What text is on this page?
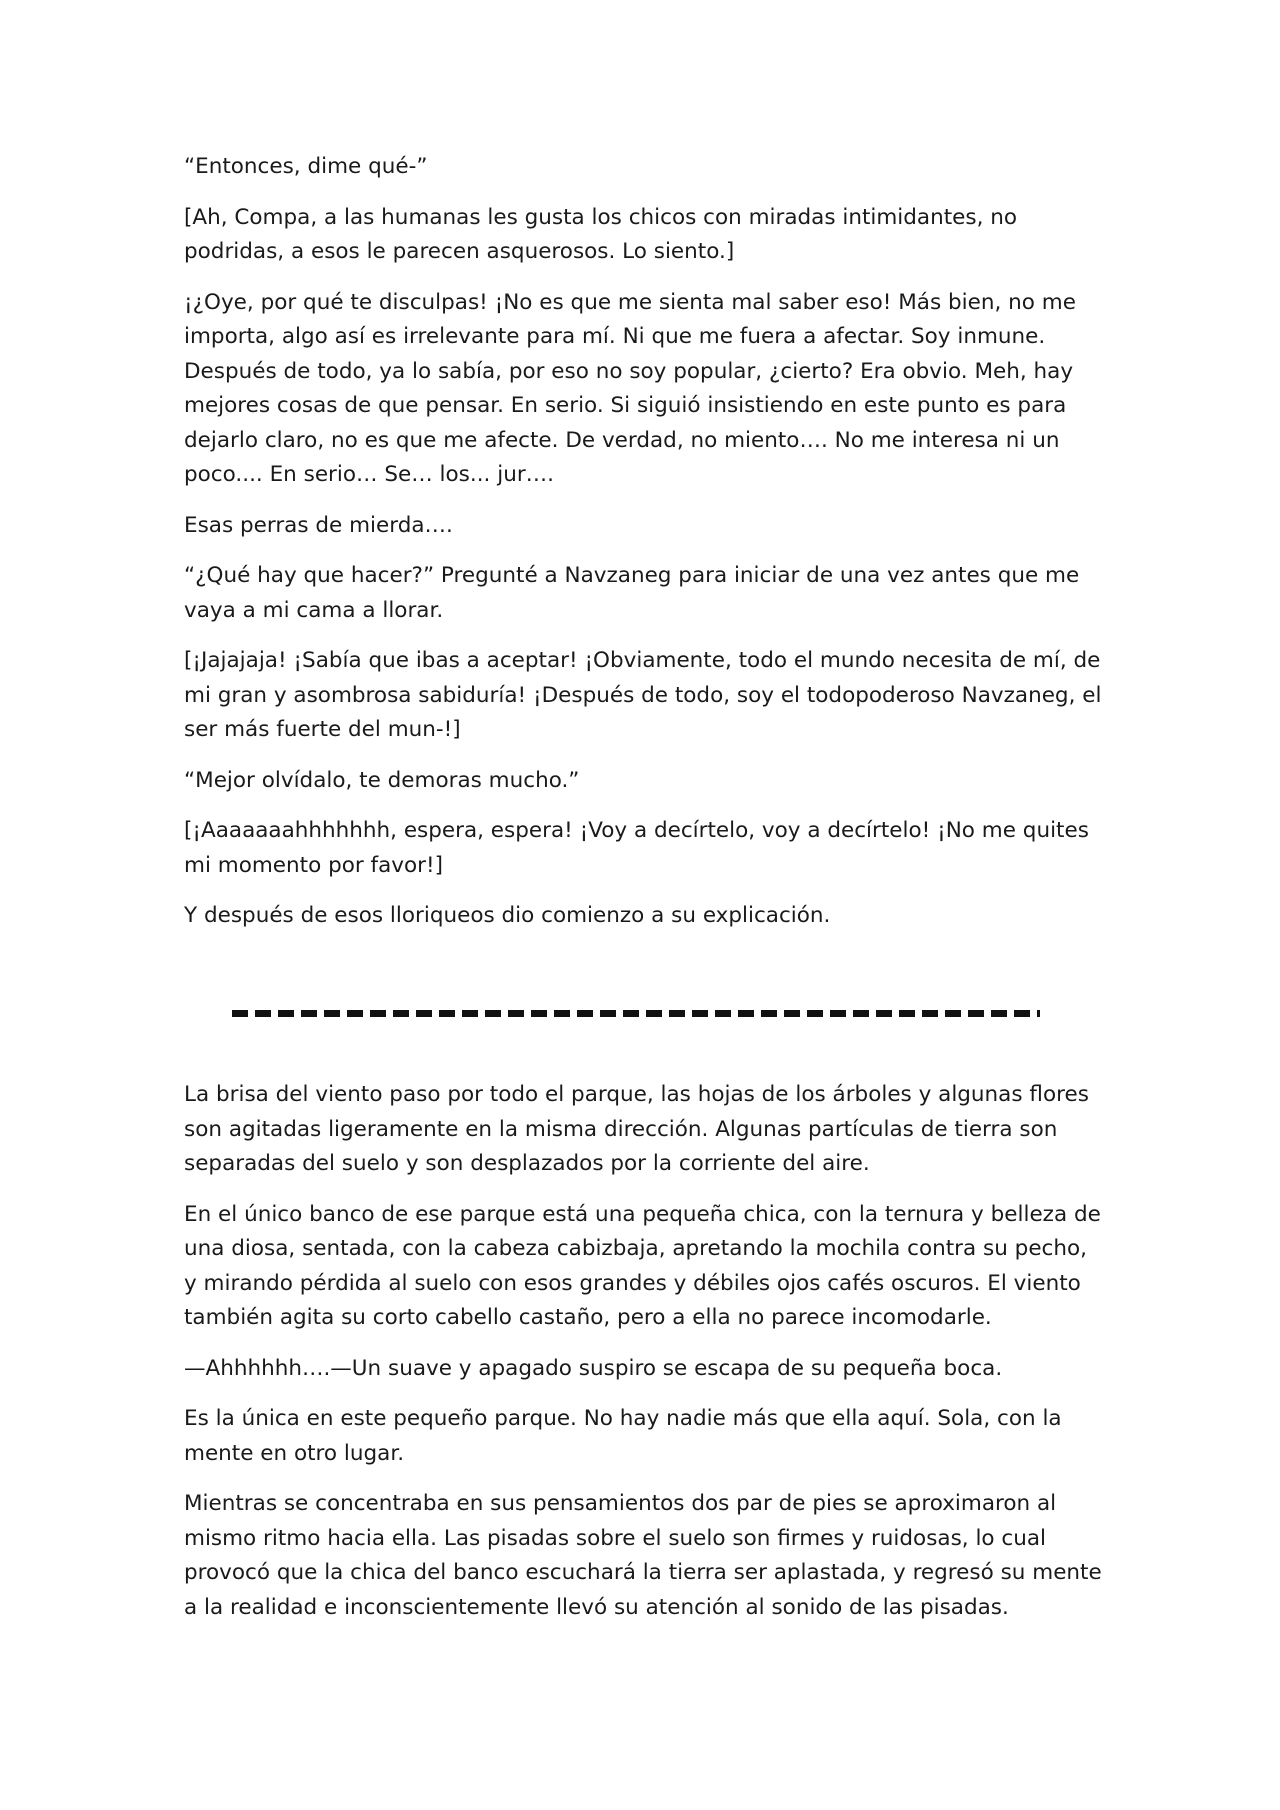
“Entonces, dime qué-”

[Ah, Compa, a las humanas les gusta los chicos con miradas intimidantes, no podridas, a esos le parecen asquerosos. Lo siento.]

¡¿Oye, por qué te disculpas! ¡No es que me sienta mal saber eso! Más bien, no me importa, algo así es irrelevante para mí. Ni que me fuera a afectar. Soy inmune. Después de todo, ya lo sabía, por eso no soy popular, ¿cierto? Era obvio. Meh, hay mejores cosas de que pensar. En serio. Si siguió insistiendo en este punto es para dejarlo claro, no es que me afecte. De verdad, no miento…. No me interesa ni un poco.... En serio… Se… los... jur….

Esas perras de mierda….

“¿Qué hay que hacer?” Pregunté a Navzaneg para iniciar de una vez antes que me vaya a mi cama a llorar.

[¡Jajajaja! ¡Sabía que ibas a aceptar! ¡Obviamente, todo el mundo necesita de mí, de mi gran y asombrosa sabiduría! ¡Después de todo, soy el todopoderoso Navzaneg, el ser más fuerte del mun-!]

“Mejor olvídalo, te demoras mucho.”

[¡Aaaaaaahhhhhhh, espera, espera! ¡Voy a decírtelo, voy a decírtelo! ¡No me quites mi momento por favor!]

Y después de esos lloriqueos dio comienzo a su explicación.

La brisa del viento paso por todo el parque, las hojas de los árboles y algunas flores son agitadas ligeramente en la misma dirección. Algunas partículas de tierra son separadas del suelo y son desplazados por la corriente del aire.

En el único banco de ese parque está una pequeña chica, con la ternura y belleza de una diosa, sentada, con la cabeza cabizbaja, apretando la mochila contra su pecho, y mirando pérdida al suelo con esos grandes y débiles ojos cafés oscuros. El viento también agita su corto cabello castaño, pero a ella no parece incomodarle.

—Ahhhhhh….—Un suave y apagado suspiro se escapa de su pequeña boca.

Es la única en este pequeño parque. No hay nadie más que ella aquí. Sola, con la mente en otro lugar.

Mientras se concentraba en sus pensamientos dos par de pies se aproximaron al mismo ritmo hacia ella. Las pisadas sobre el suelo son firmes y ruidosas, lo cual provocó que la chica del banco escuchará la tierra ser aplastada, y regresó su mente a la realidad e inconscientemente llevó su atención al sonido de las pisadas.
